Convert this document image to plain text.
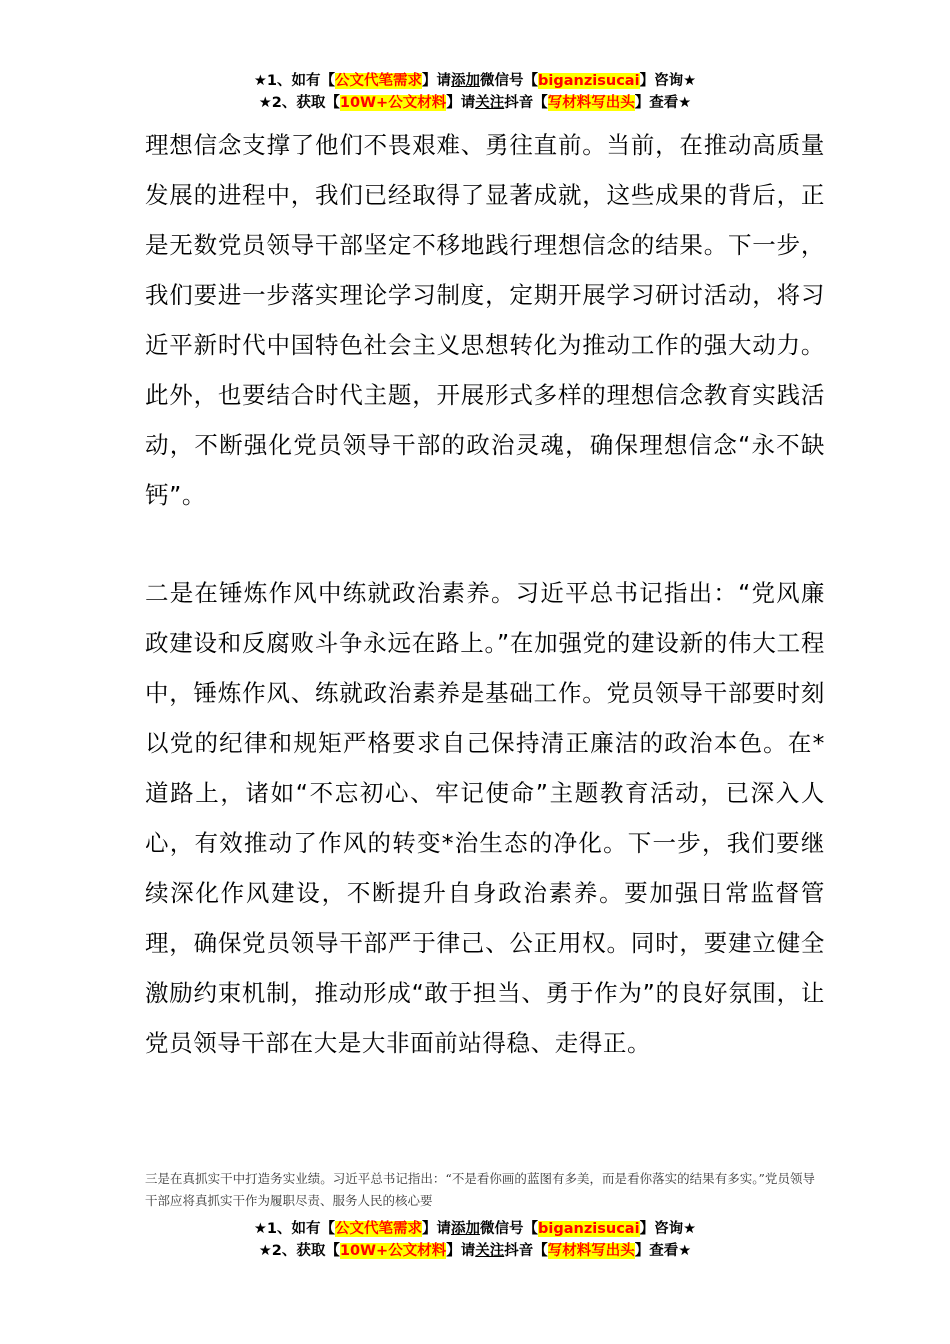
★1、如有【公文代笔需求】请添加微信号【biganzisucai】咨询★
★2、获取【10W+公文材料】请关注抖音【写材料写出头】查看★
理想信念支撑了他们不畏艰难、勇往直前。当前，在推动高质量发展的进程中，我们已经取得了显著成就，这些成果的背后，正是无数党员领导干部坚定不移地践行理想信念的结果。下一步，我们要进一步落实理论学习制度，定期开展学习研讨活动，将习近平新时代中国特色社会主义思想转化为推动工作的强大动力。此外，也要结合时代主题，开展形式多样的理想信念教育实践活动，不断强化党员领导干部的政治灵魂，确保理想信念“永不缺钙”。
二是在锤炼作风中练就政治素养。习近平总书记指出：“党风廉政建设和反腐败斗争永远在路上。”在加强党的建设新的伟大工程中，锤炼作风、练就政治素养是基础工作。党员领导干部要时刻以党的纪律和规矩严格要求自己保持清正廉洁的政治本色。在*道路上，诸如“不忘初心、牢记使命”主题教育活动，已深入人心，有效推动了作风的转变*治生态的净化。下一步，我们要继续深化作风建设，不断提升自身政治素养。要加强日常监督管理，确保党员领导干部严于律己、公正用权。同时，要建立健全激励约束机制，推动形成“敢于担当、勇于作为”的良好氛围，让党员领导干部在大是大非面前站得稳、走得正。
三是在真抓实干中打造务实业绩。习近平总书记指出：“不是看你画的蓝图有多美，而是看你落实的结果有多实。”党员领导干部应将真抓实干作为履职尽责、服务人民的核心要
★1、如有【公文代笔需求】请添加微信号【biganzisucai】咨询★
★2、获取【10W+公文材料】请关注抖音【写材料写出头】查看★
